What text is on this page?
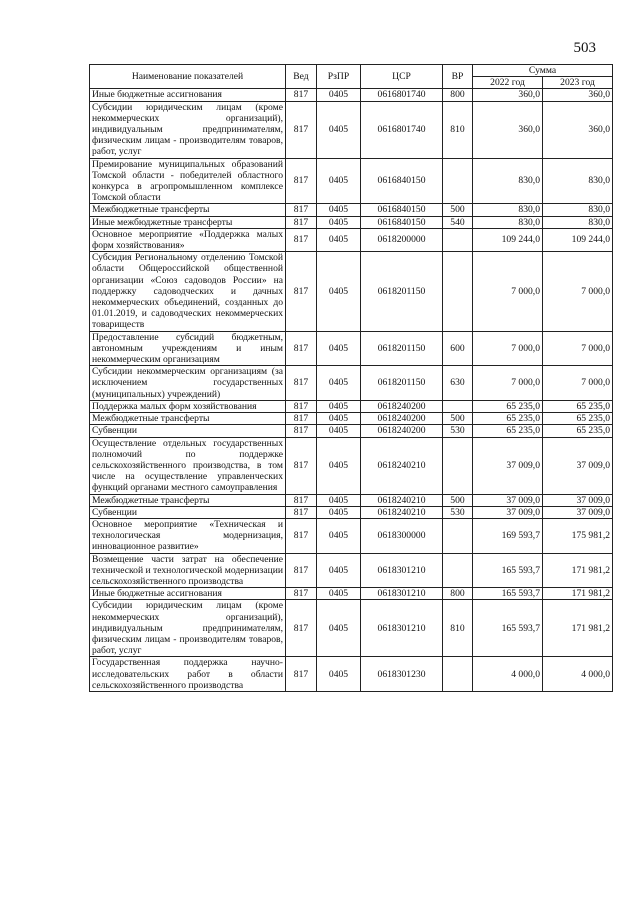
503
Наименование показателей	Вед	РзПР	ЦСР	ВР	Сумма	
					2022 год	2023 год
Иные бюджетные ассигнования	817	0405	0616801740	800	360,0	360,0
Субсидии юридическим лицам (кроме некоммерческих организаций), индивидуальным предпринимателям, физическим лицам - производителям товаров, работ, услуг	817	0405	0616801740	810	360,0	360,0
Премирование муниципальных образований Томской области - победителей областного конкурса в агропромышленном комплексе Томской области	817	0405	0616840150		830,0	830,0
Межбюджетные трансферты	817	0405	0616840150	500	830,0	830,0
Иные межбюджетные трансферты	817	0405	0616840150	540	830,0	830,0
Основное мероприятие «Поддержка малых форм хозяйствования»	817	0405	0618200000		109 244,0	109 244,0
Субсидия Региональному отделению Томской области Общероссийской общественной организации «Союз садоводов России» на поддержку садоводческих и дачных некоммерческих объединений, созданных до 01.01.2019, и садоводческих некоммерческих товариществ	817	0405	0618201150		7 000,0	7 000,0
Предоставление субсидий бюджетным, автономным учреждениям и иным некоммерческим организациям	817	0405	0618201150	600	7 000,0	7 000,0
Субсидии некоммерческим организациям (за исключением государственных (муниципальных) учреждений)	817	0405	0618201150	630	7 000,0	7 000,0
Поддержка малых форм хозяйствования	817	0405	0618240200		65 235,0	65 235,0
Межбюджетные трансферты	817	0405	0618240200	500	65 235,0	65 235,0
Субвенции	817	0405	0618240200	530	65 235,0	65 235,0
Осуществление отдельных государственных полномочий по поддержке сельскохозяйственного производства, в том числе на осуществление управленческих функций органами местного самоуправления	817	0405	0618240210		37 009,0	37 009,0
Межбюджетные трансферты	817	0405	0618240210	500	37 009,0	37 009,0
Субвенции	817	0405	0618240210	530	37 009,0	37 009,0
Основное мероприятие «Техническая и технологическая модернизация, инновационное развитие»	817	0405	0618300000		169 593,7	175 981,2
Возмещение части затрат на обеспечение технической и технологической модернизации сельскохозяйственного производства	817	0405	0618301210		165 593,7	171 981,2
Иные бюджетные ассигнования	817	0405	0618301210	800	165 593,7	171 981,2
Субсидии юридическим лицам (кроме некоммерческих организаций), индивидуальным предпринимателям, физическим лицам - производителям товаров, работ, услуг	817	0405	0618301210	810	165 593,7	171 981,2
Государственная поддержка научно-исследовательских работ в области сельскохозяйственного производства	817	0405	0618301230		4 000,0	4 000,0
